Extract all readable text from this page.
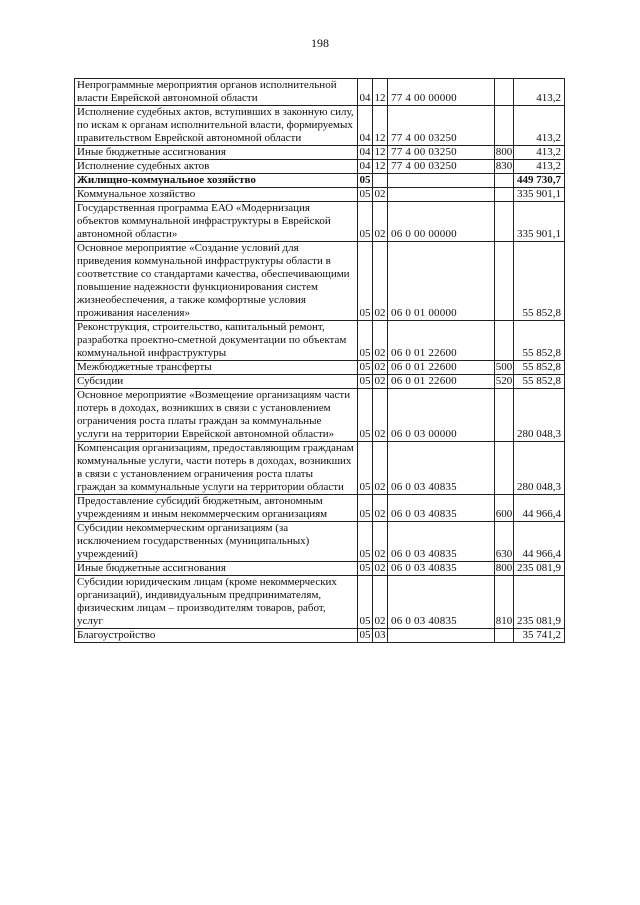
198
Непрограммные мероприятия органов исполнительной власти Еврейской автономной области	04	12	77 4 00 00000		413,2
Исполнение судебных актов, вступивших в законную силу, по искам к органам исполнительной власти, формируемых правительством Еврейской автономной области	04	12	77 4 00 03250		413,2
Иные бюджетные ассигнования	04	12	77 4 00 03250	800	413,2
Исполнение судебных актов	04	12	77 4 00 03250	830	413,2
Жилищно-коммунальное хозяйство	05				449 730,7
Коммунальное хозяйство	05	02			335 901,1
Государственная программа ЕАО «Модернизация объектов коммунальной инфраструктуры в Еврейской автономной области»	05	02	06 0 00 00000		335 901,1
Основное мероприятие «Создание условий для приведения коммунальной инфраструктуры области в соответствие со стандартами качества, обеспечивающими повышение надежности функционирования систем жизнеобеспечения, а также комфортные условия проживания населения»	05	02	06 0 01 00000		55 852,8
Реконструкция, строительство, капитальный ремонт, разработка проектно-сметной документации по объектам коммунальной инфраструктуры	05	02	06 0 01 22600		55 852,8
Межбюджетные трансферты	05	02	06 0 01 22600	500	55 852,8
Субсидии	05	02	06 0 01 22600	520	55 852,8
Основное мероприятие «Возмещение организациям части потерь в доходах, возникших в связи с установлением ограничения роста платы граждан за коммунальные услуги на территории Еврейской автономной области»	05	02	06 0 03 00000		280 048,3
Компенсация организациям, предоставляющим гражданам коммунальные услуги, части потерь в доходах, возникших в связи с установлением ограничения роста платы граждан за коммунальные услуги на территории области	05	02	06 0 03 40835		280 048,3
Предоставление субсидий бюджетным, автономным учреждениям и иным некоммерческим организациям	05	02	06 0 03 40835	600	44 966,4
Субсидии некоммерческим организациям (за исключением государственных (муниципальных) учреждений)	05	02	06 0 03 40835	630	44 966,4
Иные бюджетные ассигнования	05	02	06 0 03 40835	800	235 081,9
Субсидии юридическим лицам (кроме некоммерческих организаций), индивидуальным предпринимателям, физическим лицам – производителям товаров, работ, услуг	05	02	06 0 03 40835	810	235 081,9
Благоустройство	05	03			35 741,2
